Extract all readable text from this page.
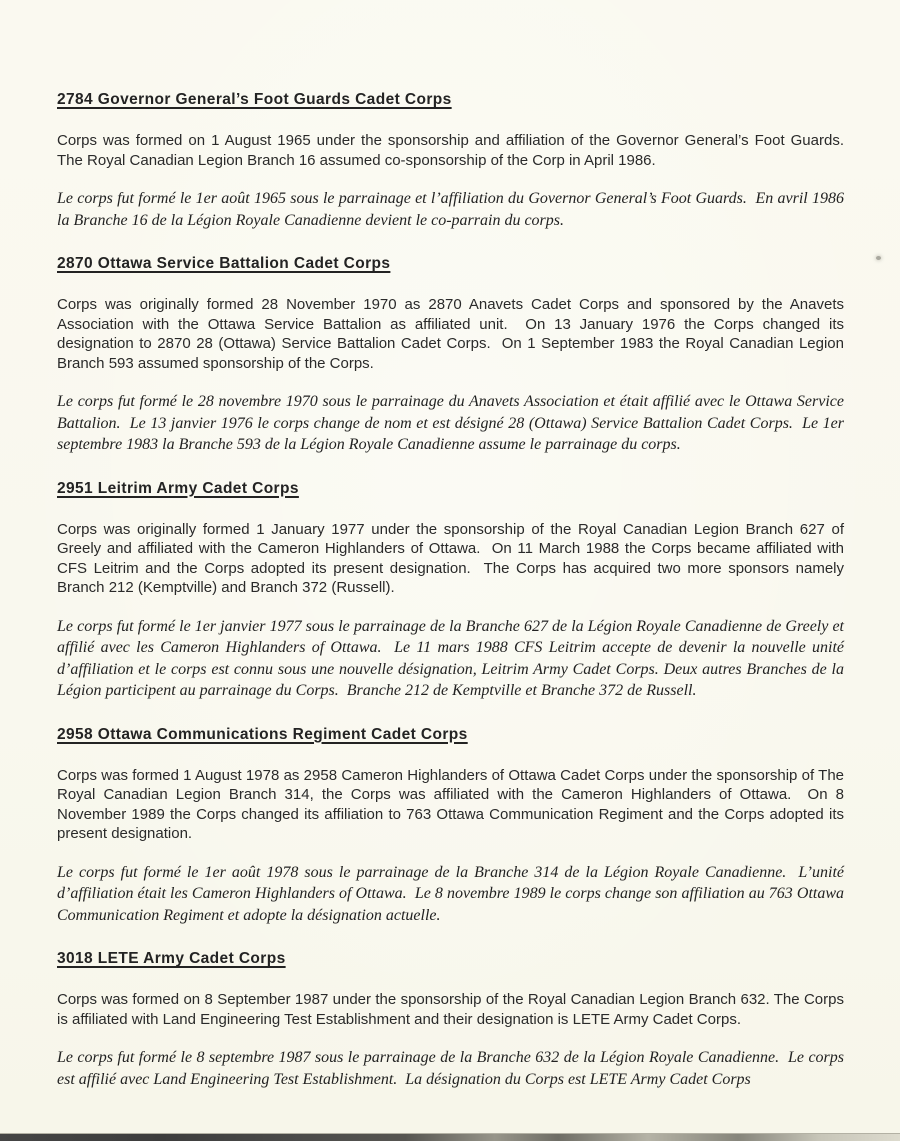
2784 Governor General’s Foot Guards Cadet Corps

Corps was formed on 1 August 1965 under the sponsorship and affiliation of the Governor General’s Foot Guards.  The Royal Canadian Legion Branch 16 assumed co-sponsorship of the Corp in April 1986.

Le corps fut formé le 1er août 1965 sous le parrainage et l’affiliation du Governor General’s Foot Guards.  En avril 1986 la Branche 16 de la Légion Royale Canadienne devient le co-parrain du corps.

2870 Ottawa Service Battalion Cadet Corps

Corps was originally formed 28 November 1970 as 2870 Anavets Cadet Corps and sponsored by the Anavets Association with the Ottawa Service Battalion as affiliated unit.  On 13 January 1976 the Corps changed its designation to 2870 28 (Ottawa) Service Battalion Cadet Corps.  On 1 September 1983 the Royal Canadian Legion Branch 593 assumed sponsorship of the Corps.

Le corps fut formé le 28 novembre 1970 sous le parrainage du Anavets Association et était affilié avec le Ottawa Service Battalion.  Le 13 janvier 1976 le corps change de nom et est désigné 28 (Ottawa) Service Battalion Cadet Corps.  Le 1er septembre 1983 la Branche 593 de la Légion Royale Canadienne assume le parrainage du corps.

2951 Leitrim Army Cadet Corps

Corps was originally formed 1 January 1977 under the sponsorship of the Royal Canadian Legion Branch 627 of Greely and affiliated with the Cameron Highlanders of Ottawa.  On 11 March 1988 the Corps became affiliated with CFS Leitrim and the Corps adopted its present designation.  The Corps has acquired two more sponsors namely Branch 212 (Kemptville) and Branch 372 (Russell).

Le corps fut formé le 1er janvier 1977 sous le parrainage de la Branche 627 de la Légion Royale Canadienne de Greely et affilié avec les Cameron Highlanders of Ottawa.  Le 11 mars 1988 CFS Leitrim accepte de devenir la nouvelle unité d’affiliation et le corps est connu sous une nouvelle désignation, Leitrim Army Cadet Corps. Deux autres Branches de la Légion participent au parrainage du Corps.  Branche 212 de Kemptville et Branche 372 de Russell.

2958 Ottawa Communications Regiment Cadet Corps

Corps was formed 1 August 1978 as 2958 Cameron Highlanders of Ottawa Cadet Corps under the sponsorship of The Royal Canadian Legion Branch 314, the Corps was affiliated with the Cameron Highlanders of Ottawa.  On 8 November 1989 the Corps changed its affiliation to 763 Ottawa Communication Regiment and the Corps adopted its present designation.

Le corps fut formé le 1er août 1978 sous le parrainage de la Branche 314 de la Légion Royale Canadienne.  L’unité d’affiliation était les Cameron Highlanders of Ottawa.  Le 8 novembre 1989 le corps change son affiliation au 763 Ottawa Communication Regiment et adopte la désignation actuelle.

3018 LETE Army Cadet Corps

Corps was formed on 8 September 1987 under the sponsorship of the Royal Canadian Legion Branch 632. The Corps is affiliated with Land Engineering Test Establishment and their designation is LETE Army Cadet Corps.

Le corps fut formé le 8 septembre 1987 sous le parrainage de la Branche 632 de la Légion Royale Canadienne.  Le corps est affilié avec Land Engineering Test Establishment.  La désignation du Corps est LETE Army Cadet Corps
